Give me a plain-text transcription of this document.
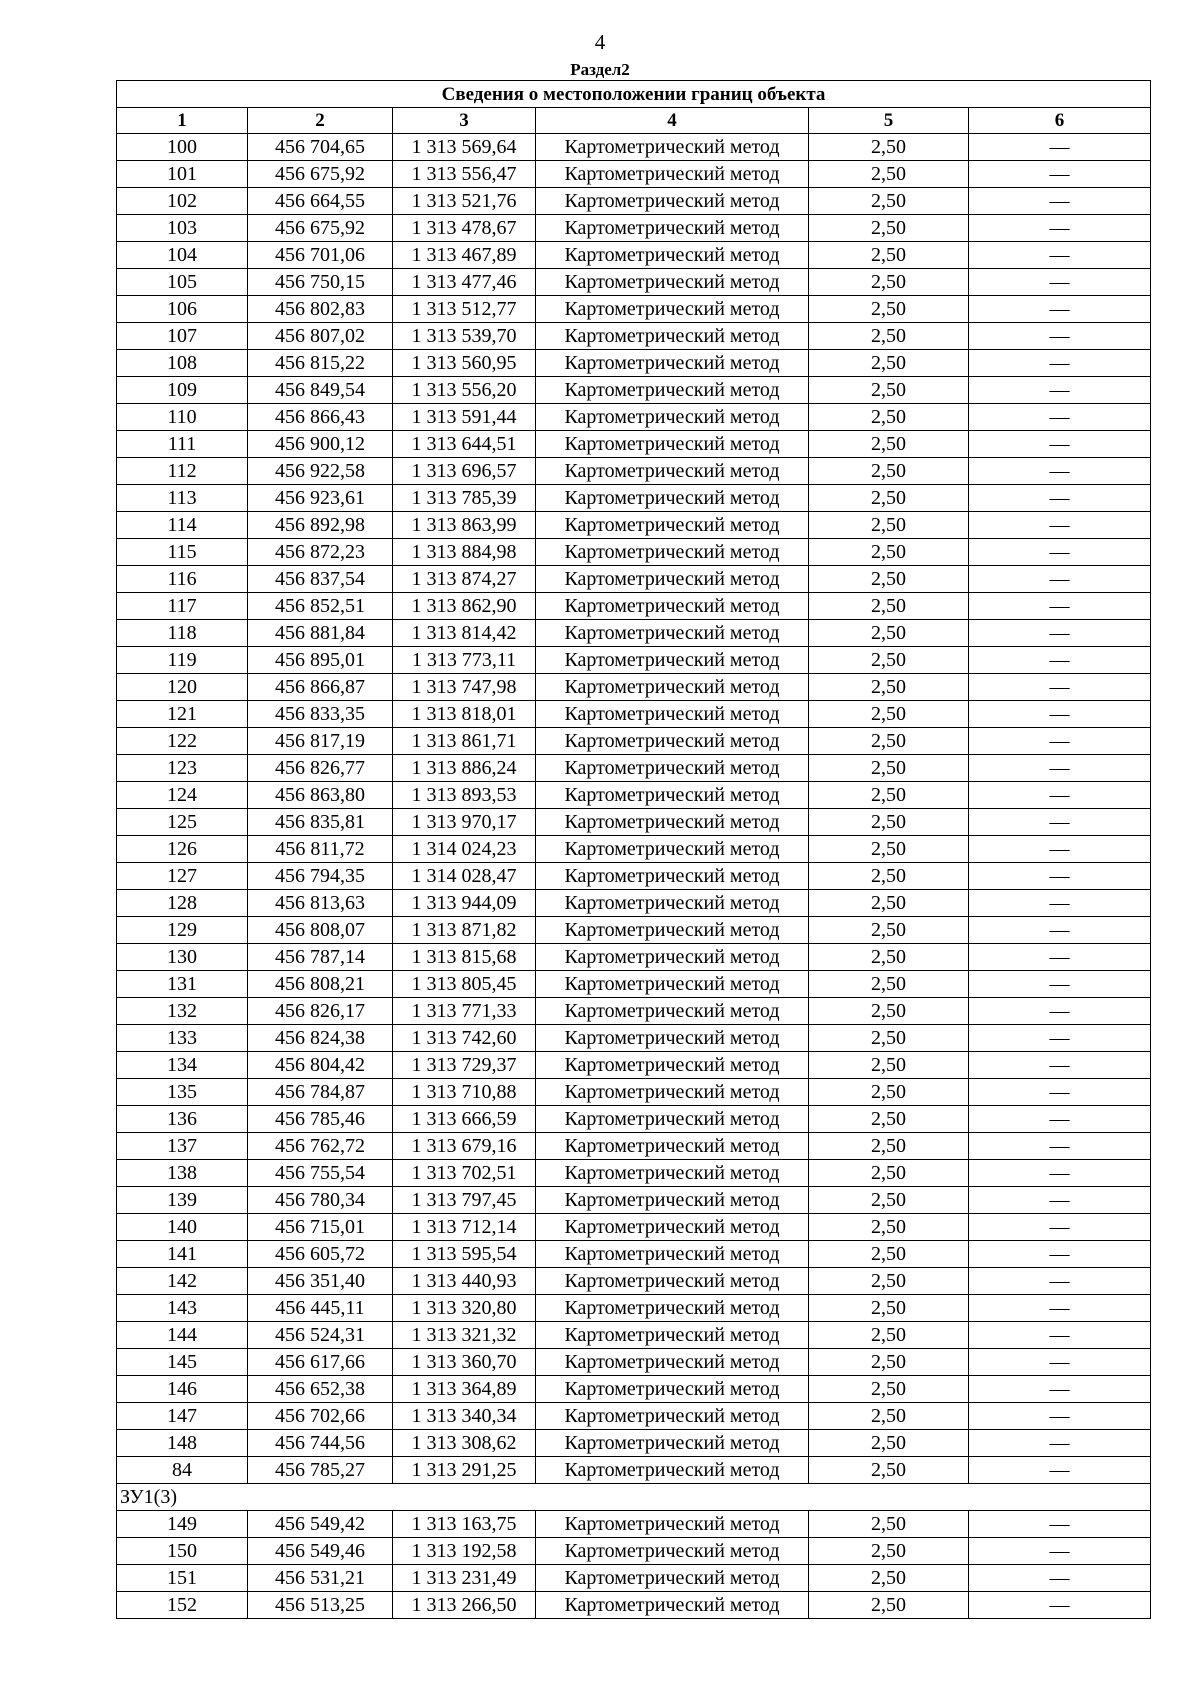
4
Раздел2
Сведения о местоположении границ объекта					
1	2	3	4	5	6
100	456 704,65	1 313 569,64	Картометрический метод	2,50	—
101	456 675,92	1 313 556,47	Картометрический метод	2,50	—
102	456 664,55	1 313 521,76	Картометрический метод	2,50	—
103	456 675,92	1 313 478,67	Картометрический метод	2,50	—
104	456 701,06	1 313 467,89	Картометрический метод	2,50	—
105	456 750,15	1 313 477,46	Картометрический метод	2,50	—
106	456 802,83	1 313 512,77	Картометрический метод	2,50	—
107	456 807,02	1 313 539,70	Картометрический метод	2,50	—
108	456 815,22	1 313 560,95	Картометрический метод	2,50	—
109	456 849,54	1 313 556,20	Картометрический метод	2,50	—
110	456 866,43	1 313 591,44	Картометрический метод	2,50	—
111	456 900,12	1 313 644,51	Картометрический метод	2,50	—
112	456 922,58	1 313 696,57	Картометрический метод	2,50	—
113	456 923,61	1 313 785,39	Картометрический метод	2,50	—
114	456 892,98	1 313 863,99	Картометрический метод	2,50	—
115	456 872,23	1 313 884,98	Картометрический метод	2,50	—
116	456 837,54	1 313 874,27	Картометрический метод	2,50	—
117	456 852,51	1 313 862,90	Картометрический метод	2,50	—
118	456 881,84	1 313 814,42	Картометрический метод	2,50	—
119	456 895,01	1 313 773,11	Картометрический метод	2,50	—
120	456 866,87	1 313 747,98	Картометрический метод	2,50	—
121	456 833,35	1 313 818,01	Картометрический метод	2,50	—
122	456 817,19	1 313 861,71	Картометрический метод	2,50	—
123	456 826,77	1 313 886,24	Картометрический метод	2,50	—
124	456 863,80	1 313 893,53	Картометрический метод	2,50	—
125	456 835,81	1 313 970,17	Картометрический метод	2,50	—
126	456 811,72	1 314 024,23	Картометрический метод	2,50	—
127	456 794,35	1 314 028,47	Картометрический метод	2,50	—
128	456 813,63	1 313 944,09	Картометрический метод	2,50	—
129	456 808,07	1 313 871,82	Картометрический метод	2,50	—
130	456 787,14	1 313 815,68	Картометрический метод	2,50	—
131	456 808,21	1 313 805,45	Картометрический метод	2,50	—
132	456 826,17	1 313 771,33	Картометрический метод	2,50	—
133	456 824,38	1 313 742,60	Картометрический метод	2,50	—
134	456 804,42	1 313 729,37	Картометрический метод	2,50	—
135	456 784,87	1 313 710,88	Картометрический метод	2,50	—
136	456 785,46	1 313 666,59	Картометрический метод	2,50	—
137	456 762,72	1 313 679,16	Картометрический метод	2,50	—
138	456 755,54	1 313 702,51	Картометрический метод	2,50	—
139	456 780,34	1 313 797,45	Картометрический метод	2,50	—
140	456 715,01	1 313 712,14	Картометрический метод	2,50	—
141	456 605,72	1 313 595,54	Картометрический метод	2,50	—
142	456 351,40	1 313 440,93	Картометрический метод	2,50	—
143	456 445,11	1 313 320,80	Картометрический метод	2,50	—
144	456 524,31	1 313 321,32	Картометрический метод	2,50	—
145	456 617,66	1 313 360,70	Картометрический метод	2,50	—
146	456 652,38	1 313 364,89	Картометрический метод	2,50	—
147	456 702,66	1 313 340,34	Картометрический метод	2,50	—
148	456 744,56	1 313 308,62	Картометрический метод	2,50	—
84	456 785,27	1 313 291,25	Картометрический метод	2,50	—
ЗУ1(3)					
149	456 549,42	1 313 163,75	Картометрический метод	2,50	—
150	456 549,46	1 313 192,58	Картометрический метод	2,50	—
151	456 531,21	1 313 231,49	Картометрический метод	2,50	—
152	456 513,25	1 313 266,50	Картометрический метод	2,50	—
